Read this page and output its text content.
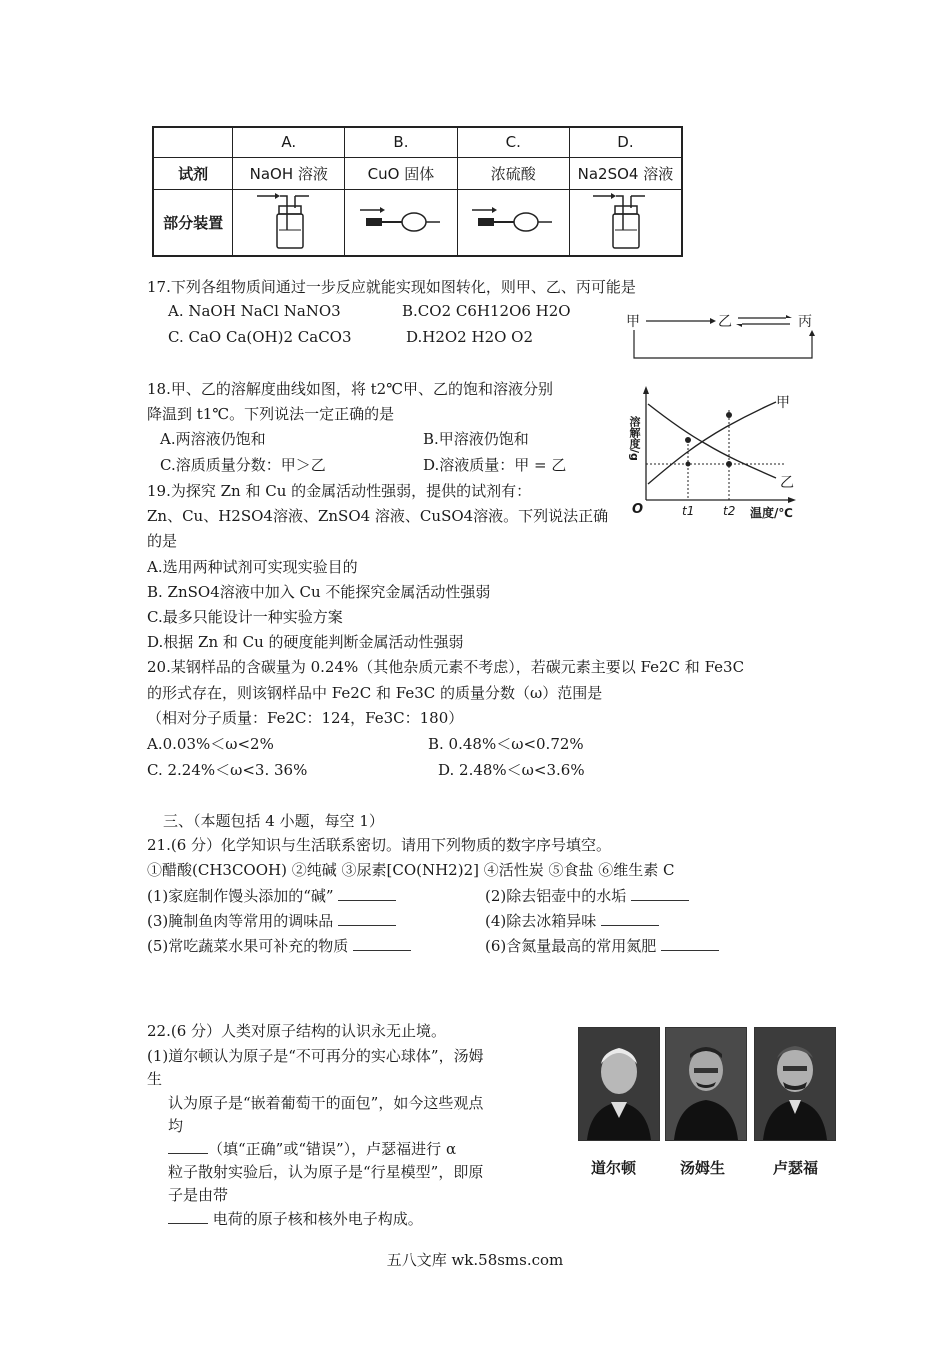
	A.	B.	C.	D.
试剂	NaOH 溶液	CuO 固体	浓硫酸	Na2SO4 溶液
部分装置				
17.下列各组物质间通过一步反应就能实现如图转化，则甲、乙、丙可能是
A. NaOH NaCl NaNO3	B.CO2 C6H12O6 H2O
C. CaO Ca(OH)2 CaCO3	D.H2O2 H2O O2
甲	乙	丙
18.甲、乙的溶解度曲线如图，将 t2℃甲、乙的饱和溶液分别
降温到 t1℃。下列说法一定正确的是
A.两溶液仍饱和	B.甲溶液仍饱和
C.溶质质量分数：甲＞乙	D.溶液质量：甲 = 乙
溶解度/g
甲
乙
O	t1 t2 温度/℃
19.为探究 Zn 和 Cu 的金属活动性强弱，提供的试剂有：
Zn、Cu、H2SO4溶液、ZnSO4 溶液、CuSO4溶液。下列说法正确
的是
A.选用两种试剂可实现实验目的
B. ZnSO4溶液中加入 Cu 不能探究金属活动性强弱
C.最多只能设计一种实验方案
D.根据 Zn 和 Cu 的硬度能判断金属活动性强弱
20.某钢样品的含碳量为 0.24%（其他杂质元素不考虑），若碳元素主要以 Fe2C 和 Fe3C
的形式存在，则该钢样品中 Fe2C 和 Fe3C 的质量分数（ω）范围是
（相对分子质量：Fe2C：124，Fe3C：180）
A.0.03%＜ω<2%	B. 0.48%＜ω<0.72%
C. 2.24%＜ω<3. 36%	D. 2.48%＜ω<3.6%
三、（本题包括 4 小题，每空 1）
21.(6 分）化学知识与生活联系密切。请用下列物质的数字序号填空。
①醋酸(CH3COOH) ②纯碱 ③尿素[CO(NH2)2] ④活性炭 ⑤食盐 ⑥维生素 C
(1)家庭制作馒头添加的“碱”	(2)除去铝壶中的水垢
(3)腌制鱼肉等常用的调味品	(4)除去冰箱异味
(5)常吃蔬菜水果可补充的物质	(6)含氮量最高的常用氮肥
22.(6 分）人类对原子结构的认识永无止境。
(1)道尔顿认为原子是“不可再分的实心球体”，汤姆
生
认为原子是“嵌着葡萄干的面包”，如今这些观点
均
（填“正确”或“错误”），卢瑟福进行 α
粒子散射实验后，认为原子是“行星模型”，即原
子是由带
电荷的原子核和核外电子构成。
道尔顿	汤姆生	卢瑟福
五八文库 wk.58sms.com
